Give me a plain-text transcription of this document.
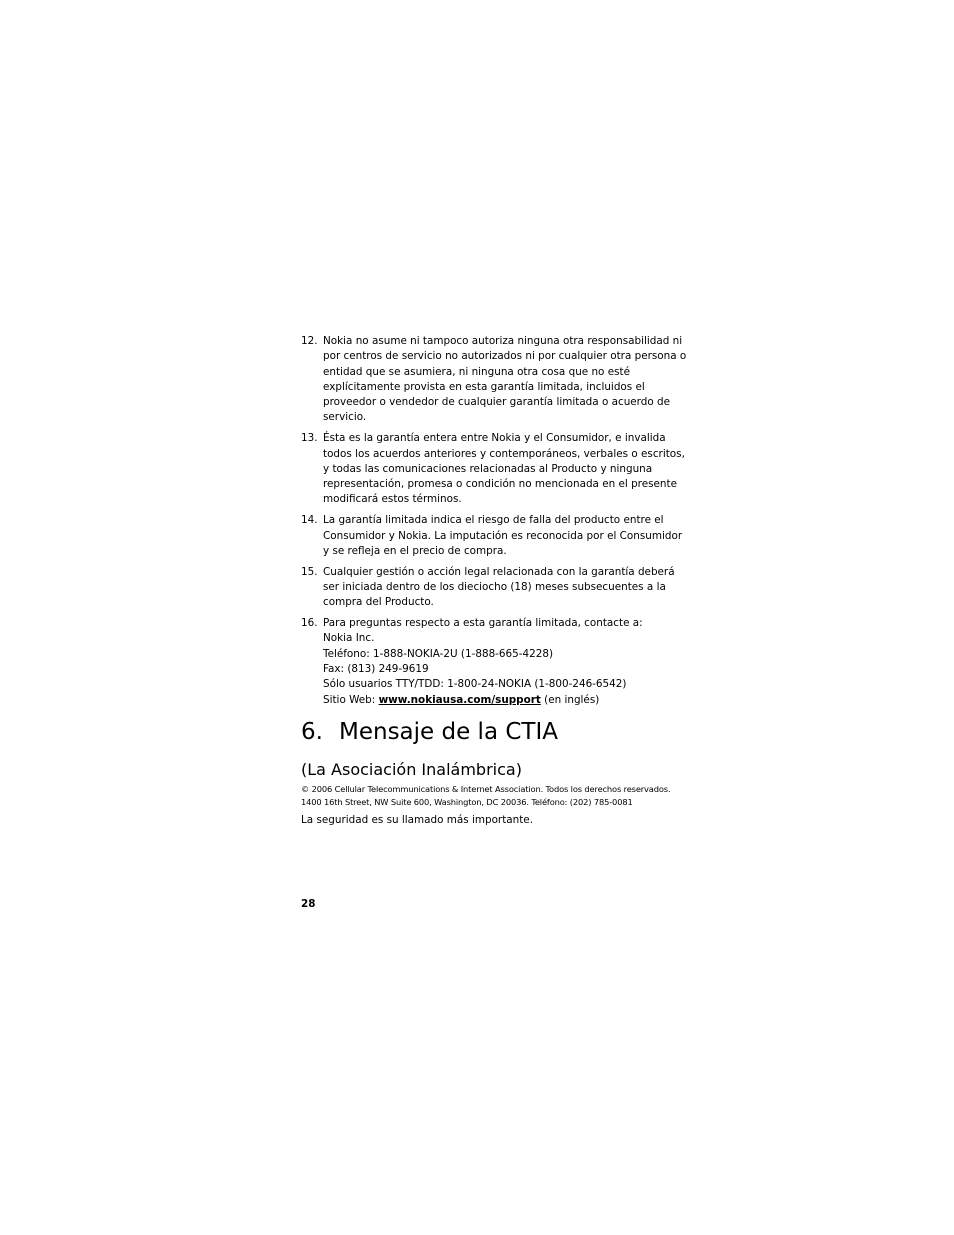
12. Nokia no asume ni tampoco autoriza ninguna otra responsabilidad ni
por centros de servicio no autorizados ni por cualquier otra persona o
entidad que se asumiera, ni ninguna otra cosa que no esté
explícitamente provista en esta garantía limitada, incluidos el
proveedor o vendedor de cualquier garantía limitada o acuerdo de
servicio.
13. Ésta es la garantía entera entre Nokia y el Consumidor, e invalida
todos los acuerdos anteriores y contemporáneos, verbales o escritos,
y todas las comunicaciones relacionadas al Producto y ninguna
representación, promesa o condición no mencionada en el presente
modificará estos términos.
14. La garantía limitada indica el riesgo de falla del producto entre el
Consumidor y Nokia. La imputación es reconocida por el Consumidor
y se refleja en el precio de compra.
15. Cualquier gestión o acción legal relacionada con la garantía deberá
ser iniciada dentro de los dieciocho (18) meses subsecuentes a la
compra del Producto.
16. Para preguntas respecto a esta garantía limitada, contacte a:
Nokia Inc.
Teléfono: 1-888-NOKIA-2U (1-888-665-4228)
Fax: (813) 249-9619
Sólo usuarios TTY/TDD: 1-800-24-NOKIA (1-800-246-6542)
Sitio Web: www.nokiausa.com/support (en inglés)
6. Mensaje de la CTIA
(La Asociación Inalámbrica)
© 2006 Cellular Telecommunications & Internet Association. Todos los derechos reservados.
1400 16th Street, NW Suite 600, Washington, DC 20036. Teléfono: (202) 785-0081
La seguridad es su llamado más importante.
28
